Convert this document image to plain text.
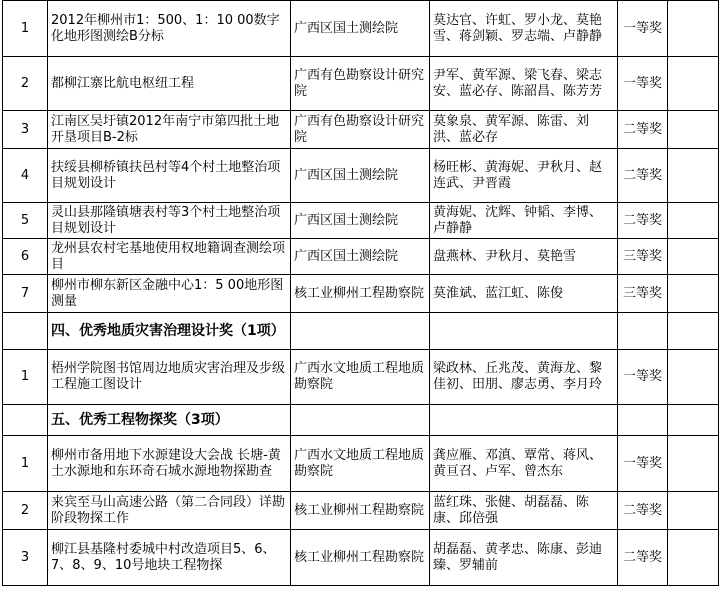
1	2012年柳州市1：500、1：10 00数字化地形图测绘B分标	广西区国土测绘院	莫达官、许虹、罗小龙、莫艳雪、蒋剑颖、罗志端、卢静静	一等奖	
2	都柳江寨比航电枢纽工程	广西有色勘察设计研究院	尹军、黄军源、梁飞春、梁志安、蓝必存、陈韶昌、陈芳芳	一等奖	
3	江南区吴圩镇2012年南宁市第四批土地开垦项目B-2标	广西有色勘察设计研究院	莫象泉、黄军源、陈雷、刘洪、蓝必存	二等奖	
4	扶绥县柳桥镇扶邑村等4个村土地整治项目规划设计	广西区国土测绘院	杨旺彬、黄海妮、尹秋月、赵连武、尹晋霞	二等奖	
5	灵山县那隆镇塘表村等3个村土地整治项目规划设计	广西区国土测绘院	黄海妮、沈辉、钟韬、李博、卢静静	二等奖	
6	龙州县农村宅基地使用权地籍调查测绘项目	广西区国土测绘院	盘燕林、尹秋月、莫艳雪	三等奖	
7	柳州市柳东新区金融中心1：5 00地形图测量	核工业柳州工程勘察院	莫淮斌、蓝江虹、陈俊	三等奖	
	四、优秀地质灾害治理设计奖（1项）				
1	梧州学院图书馆周边地质灾害治理及步级工程施工图设计	广西水文地质工程地质勘察院	梁政林、丘兆茂、黄海龙、黎佳初、田朋、廖志勇、李月玲	一等奖	
	五、优秀工程物探奖（3项）				
1	柳州市备用地下水源建设大会战 长塘-黄土水源地和东环奇石城水源地物探勘查	广西水文地质工程地质勘察院	龚应雁、邓滇、覃常、蒋风、黄亘召、卢军、曾杰东	一等奖	
2	来宾至马山高速公路（第二合同段）详勘阶段物探工作	核工业柳州工程勘察院	蓝红珠、张健、胡磊磊、陈康、邱倍强	二等奖	
3	柳江县基隆村委城中村改造项目5、6、7、8、9、10号地块工程物探	核工业柳州工程勘察院	胡磊磊、黄孝忠、陈康、彭迪臻、罗辅前	二等奖	
